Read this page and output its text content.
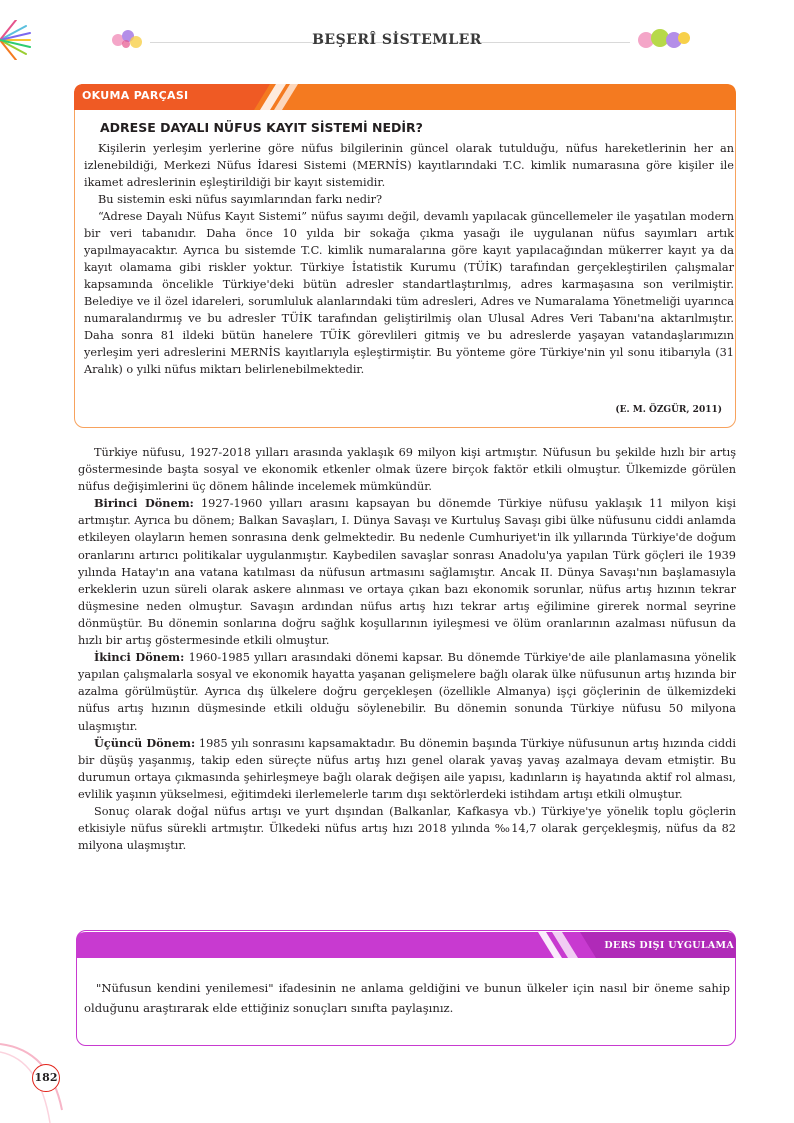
BEŞERÎ SİSTEMLER
OKUMA PARÇASI
ADRESE DAYALI NÜFUS KAYIT SİSTEMİ NEDİR?

Kişilerin yerleşim yerlerine göre nüfus bilgilerinin güncel olarak tutulduğu, nüfus hareketlerinin her an izlenebildiği, Merkezi Nüfus İdaresi Sistemi (MERNİS) kayıtlarındaki T.C. kimlik numarasına göre kişiler ile ikamet adreslerinin eşleştirildiği bir kayıt sistemidir.

Bu sistemin eski nüfus sayımlarından farkı nedir?

“Adrese Dayalı Nüfus Kayıt Sistemi” nüfus sayımı değil, devamlı yapılacak güncellemeler ile yaşatılan modern bir veri tabanıdır. Daha önce 10 yılda bir sokağa çıkma yasağı ile uygulanan nüfus sayımları artık yapılmayacaktır. Ayrıca bu sistemde T.C. kimlik numaralarına göre kayıt yapılacağından mükerrer kayıt ya da kayıt olamama gibi riskler yoktur. Türkiye İstatistik Kurumu (TÜİK) tarafından gerçekleştirilen çalışmalar kapsamında öncelikle Türkiye'deki bütün adresler standartlaştırılmış, adres karmaşasına son verilmiştir. Belediye ve il özel idareleri, sorumluluk alanlarındaki tüm adresleri, Adres ve Numaralama Yönetmeliği uyarınca numaralandırmış ve bu adresler TÜİK tarafından geliştirilmiş olan Ulusal Adres Veri Tabanı'na aktarılmıştır. Daha sonra 81 ildeki bütün hanelere TÜİK görevlileri gitmiş ve bu adreslerde yaşayan vatandaşlarımızın yerleşim yeri adreslerini MERNİS kayıtlarıyla eşleştirmiştir. Bu yönteme göre Türkiye'nin yıl sonu itibarıyla (31 Aralık) o yılki nüfus miktarı belirlenebilmektedir.

(E. M. ÖZGÜR, 2011)

Türkiye nüfusu, 1927-2018 yılları arasında yaklaşık 69 milyon kişi artmıştır. Nüfusun bu şekilde hızlı bir artış göstermesinde başta sosyal ve ekonomik etkenler olmak üzere birçok faktör etkili olmuştur. Ülkemizde görülen nüfus değişimlerini üç dönem hâlinde incelemek mümkündür.

Birinci Dönem: 1927-1960 yılları arasını kapsayan bu dönemde Türkiye nüfusu yaklaşık 11 milyon kişi artmıştır. Ayrıca bu dönem; Balkan Savaşları, I. Dünya Savaşı ve Kurtuluş Savaşı gibi ülke nüfusunu ciddi anlamda etkileyen olayların hemen sonrasına denk gelmektedir. Bu nedenle Cumhuriyet'in ilk yıllarında Türkiye'de doğum oranlarını artırıcı politikalar uygulanmıştır. Kaybedilen savaşlar sonrası Anadolu'ya yapılan Türk göçleri ile 1939 yılında Hatay'ın ana vatana katılması da nüfusun artmasını sağlamıştır. Ancak II. Dünya Savaşı'nın başlamasıyla erkeklerin uzun süreli olarak askere alınması ve ortaya çıkan bazı ekonomik sorunlar, nüfus artış hızının tekrar düşmesine neden olmuştur. Savaşın ardından nüfus artış hızı tekrar artış eğilimine girerek normal seyrine dönmüştür. Bu dönemin sonlarına doğru sağlık koşullarının iyileşmesi ve ölüm oranlarının azalması nüfusun da hızlı bir artış göstermesinde etkili olmuştur.

İkinci Dönem: 1960-1985 yılları arasındaki dönemi kapsar. Bu dönemde Türkiye'de aile planlamasına yönelik yapılan çalışmalarla sosyal ve ekonomik hayatta yaşanan gelişmelere bağlı olarak ülke nüfusunun artış hızında bir azalma görülmüştür. Ayrıca dış ülkelere doğru gerçekleşen (özellikle Almanya) işçi göçlerinin de ülkemizdeki nüfus artış hızının düşmesinde etkili olduğu söylenebilir. Bu dönemin sonunda Türkiye nüfusu 50 milyona ulaşmıştır.

Üçüncü Dönem: 1985 yılı sonrasını kapsamaktadır. Bu dönemin başında Türkiye nüfusunun artış hızında ciddi bir düşüş yaşanmış, takip eden süreçte nüfus artış hızı genel olarak yavaş yavaş azalmaya devam etmiştir. Bu durumun ortaya çıkmasında şehirleşmeye bağlı olarak değişen aile yapısı, kadınların iş hayatında aktif rol alması, evlilik yaşının yükselmesi, eğitimdeki ilerlemelerle tarım dışı sektörlerdeki istihdam artışı etkili olmuştur.

Sonuç olarak doğal nüfus artışı ve yurt dışından (Balkanlar, Kafkasya vb.) Türkiye'ye yönelik toplu göçlerin etkisiyle nüfus sürekli artmıştır. Ülkedeki nüfus artış hızı 2018 yılında ‰14,7 olarak gerçekleşmiş, nüfus da 82 milyona ulaşmıştır.

DERS DIŞI UYGULAMA

"Nüfusun kendini yenilemesi" ifadesinin ne anlama geldiğini ve bunun ülkeler için nasıl bir öneme sahip olduğunu araştırarak elde ettiğiniz sonuçları sınıfta paylaşınız.

182
